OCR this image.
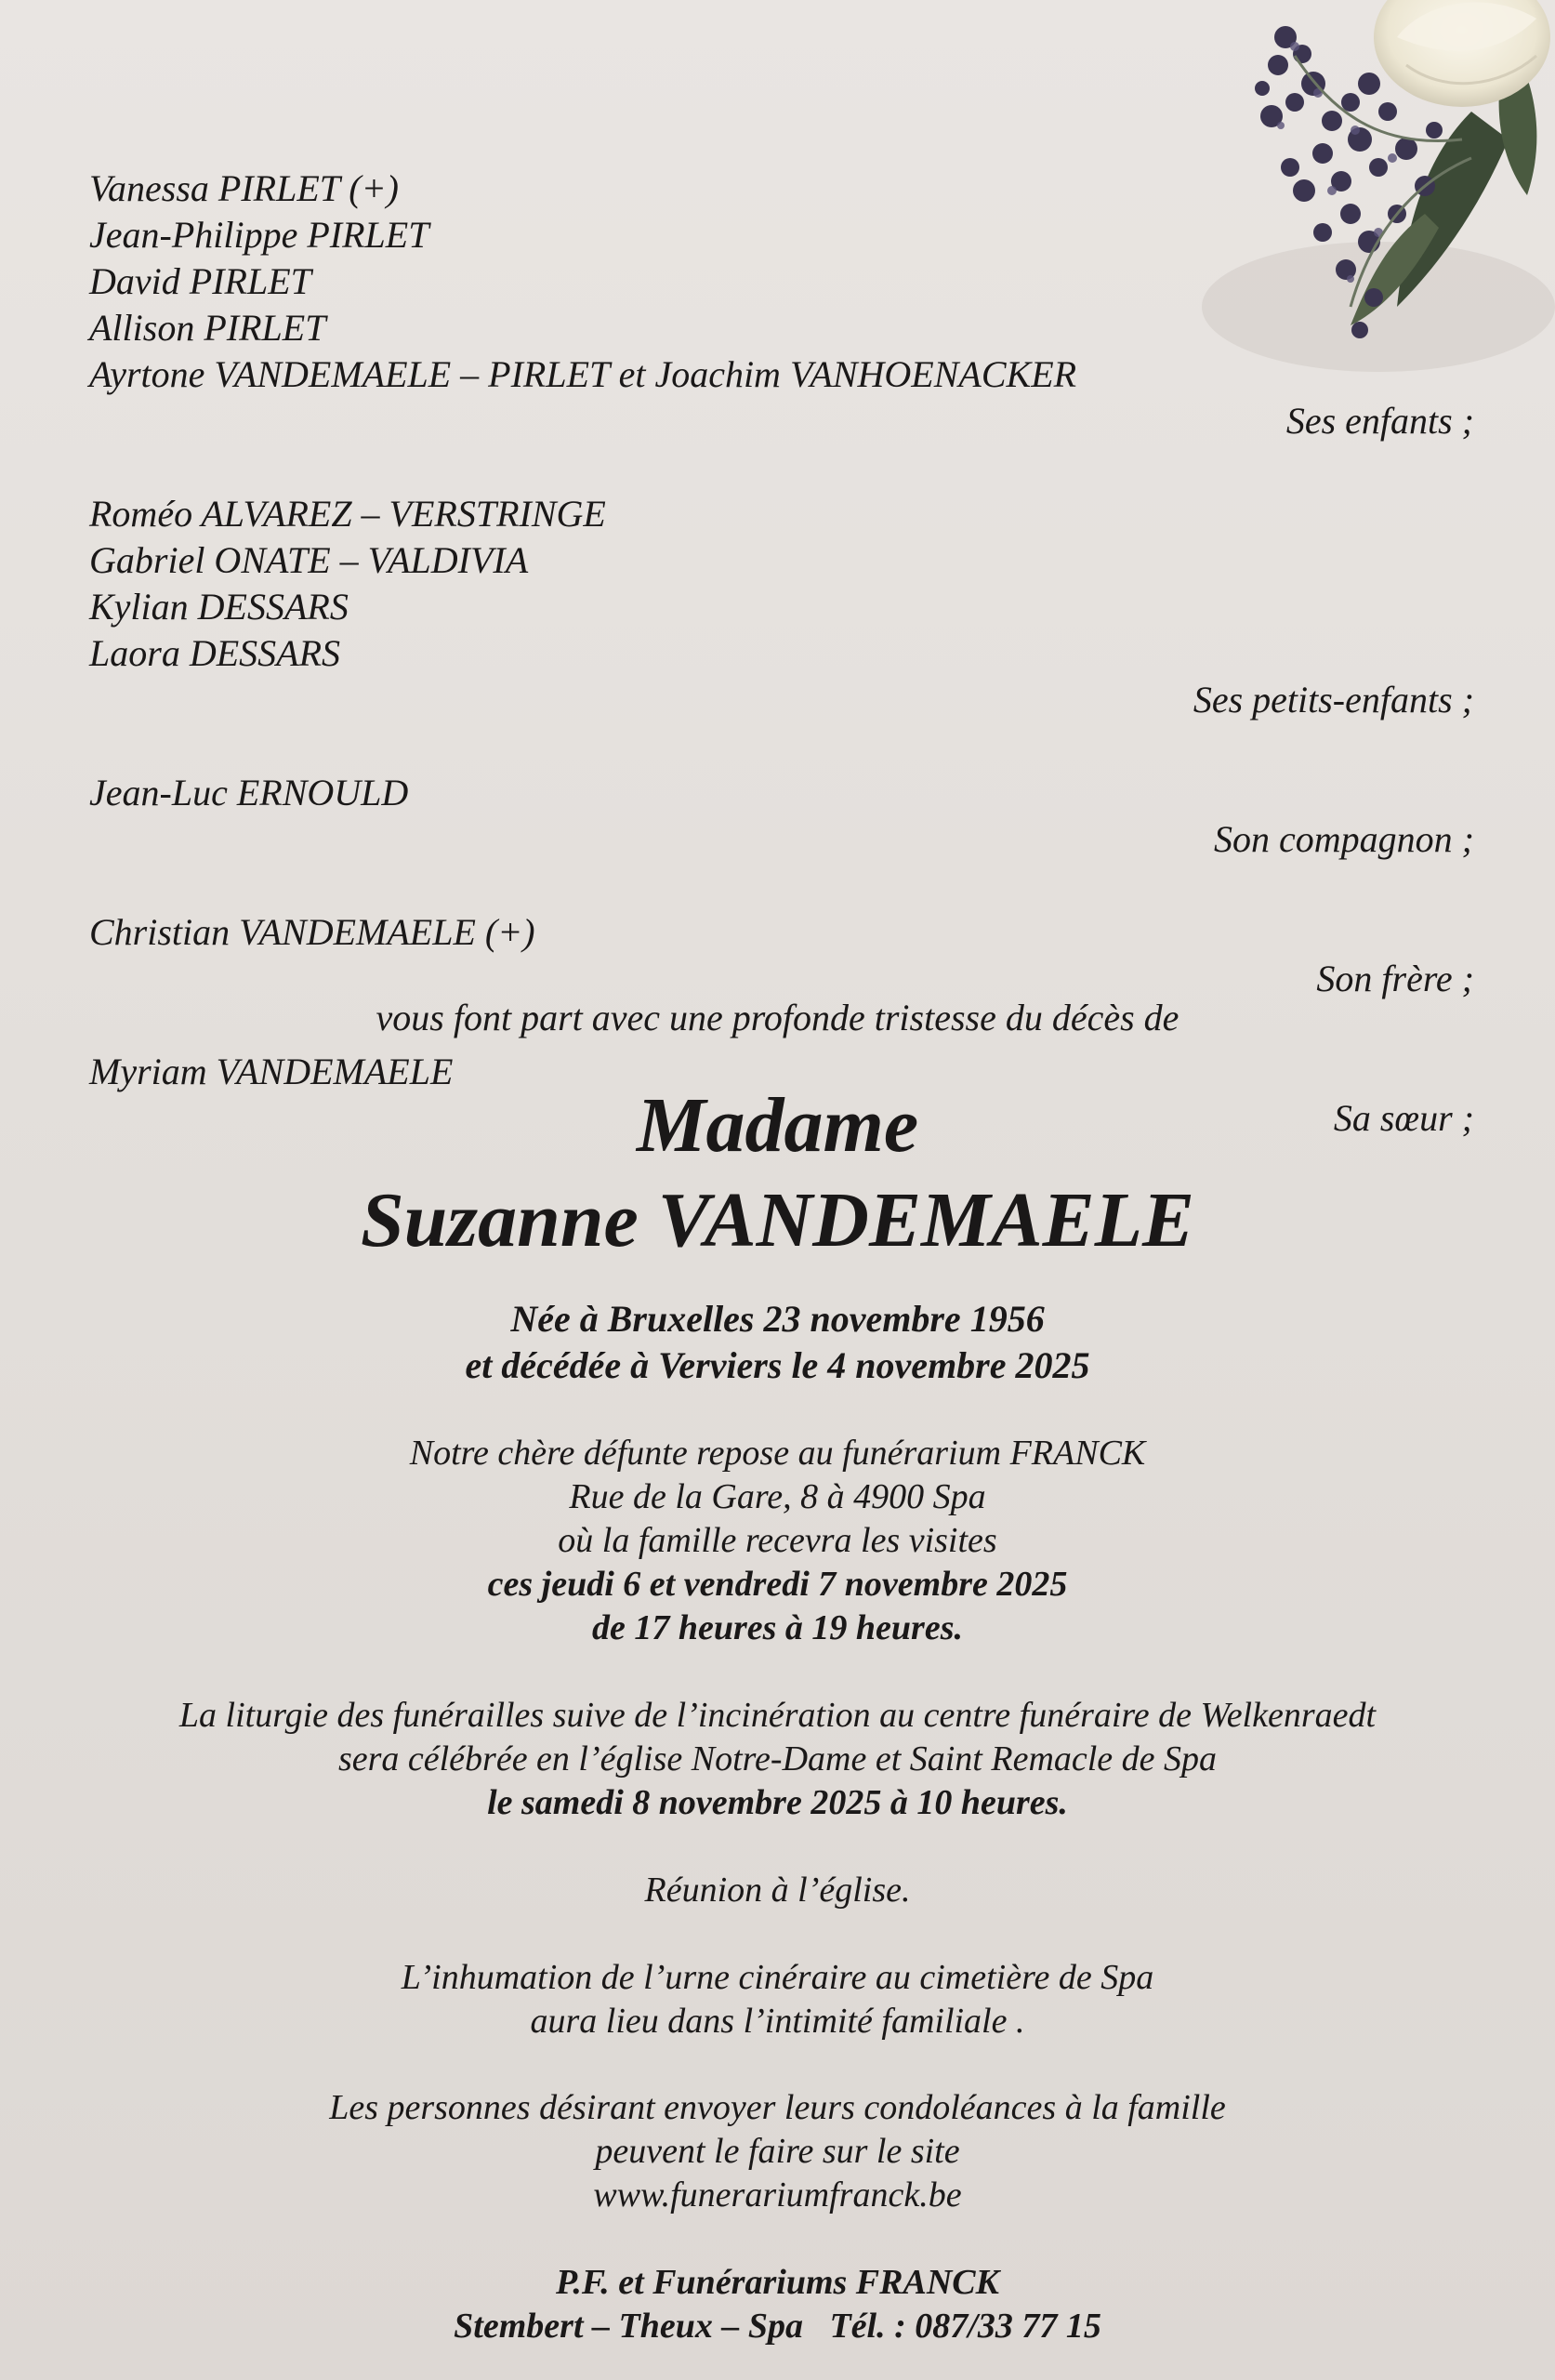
Vanessa PIRLET (+)
Jean-Philippe PIRLET
David PIRLET
Allison PIRLET
Ayrtone VANDEMAELE – PIRLET et Joachim VANHOENACKER
Ses enfants ;
Roméo ALVAREZ – VERSTRINGE
Gabriel ONATE – VALDIVIA
Kylian DESSARS
Laora DESSARS
Ses petits-enfants ;
Jean-Luc ERNOULD
Son compagnon ;
Christian VANDEMAELE (+)
Son frère ;
Myriam VANDEMAELE
Sa sœur ;
vous font part avec une profonde tristesse du décès de
Madame
Suzanne VANDEMAELE
Née à Bruxelles 23 novembre 1956
et décédée à Verviers le 4 novembre 2025
Notre chère défunte repose au funérarium FRANCK
Rue de la Gare, 8 à 4900 Spa
où la famille recevra les visites
ces jeudi 6 et vendredi 7 novembre 2025
de 17 heures à 19 heures.
La liturgie des funérailles suive de l’incinération au centre funéraire de Welkenraedt
sera célébrée en l’église Notre-Dame et Saint Remacle de Spa
le samedi 8 novembre 2025 à 10 heures.
Réunion à l’église.
L’inhumation de l’urne cinéraire au cimetière de Spa
aura lieu dans l’intimité familiale .
Les personnes désirant envoyer leurs condoléances à la famille
peuvent le faire sur le site
www.funerariumfranck.be
P.F. et Funérariums FRANCK
Stembert – Theux – Spa   Tél. : 087/33 77 15
